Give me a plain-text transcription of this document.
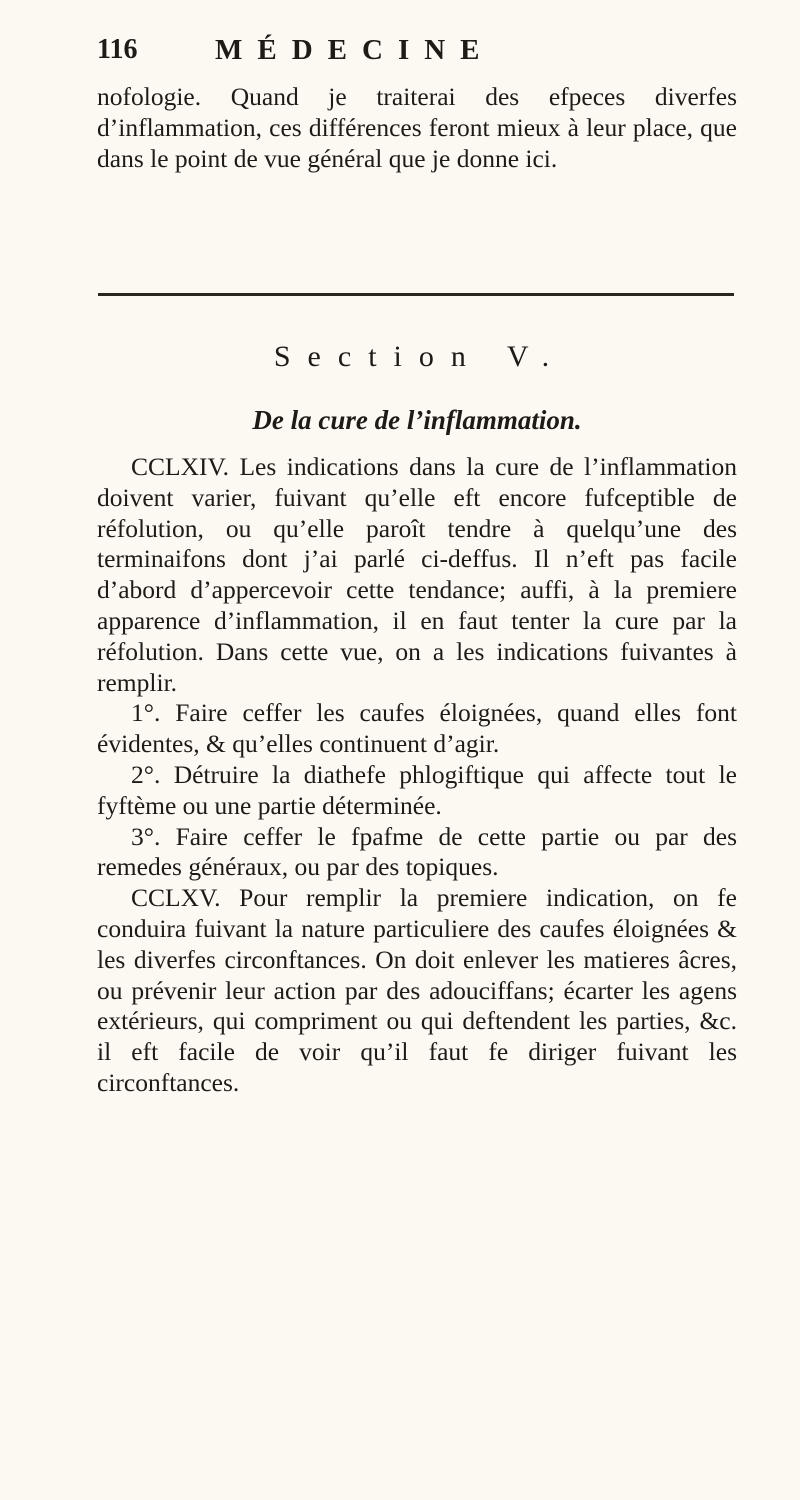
116	MÉDECINE
nofologie. Quand je traiterai des efpeces diverfes d’inflammation, ces différences feront mieux à leur place, que dans le point de vue général que je donne ici.
Section V.
De la cure de l’inflammation.

CCLXIV. Les indications dans la cure de l’inflammation doivent varier, fuivant qu’elle eft encore fufceptible de réfolution, ou qu’elle paroît tendre à quelqu’une des terminaifons dont j’ai parlé ci-deffus. Il n’eft pas facile d’abord d’appercevoir cette tendance; auffi, à la premiere apparence d’inflammation, il en faut tenter la cure par la réfolution. Dans cette vue, on a les indications fuivantes à remplir.

1°. Faire ceffer les caufes éloignées, quand elles font évidentes, & qu’elles continuent d’agir.

2°. Détruire la diathefe phlogiftique qui affecte tout le fyftème ou une partie déterminée.

3°. Faire ceffer le fpafme de cette partie ou par des remedes généraux, ou par des topiques.

CCLXV. Pour remplir la premiere indication, on fe conduira fuivant la nature particuliere des caufes éloignées & les diverfes circonftances. On doit enlever les matieres âcres, ou prévenir leur action par des adouciffans; écarter les agens extérieurs, qui compriment ou qui deftendent les parties, &c. il eft facile de voir qu’il faut fe diriger fuivant les circonftances.
